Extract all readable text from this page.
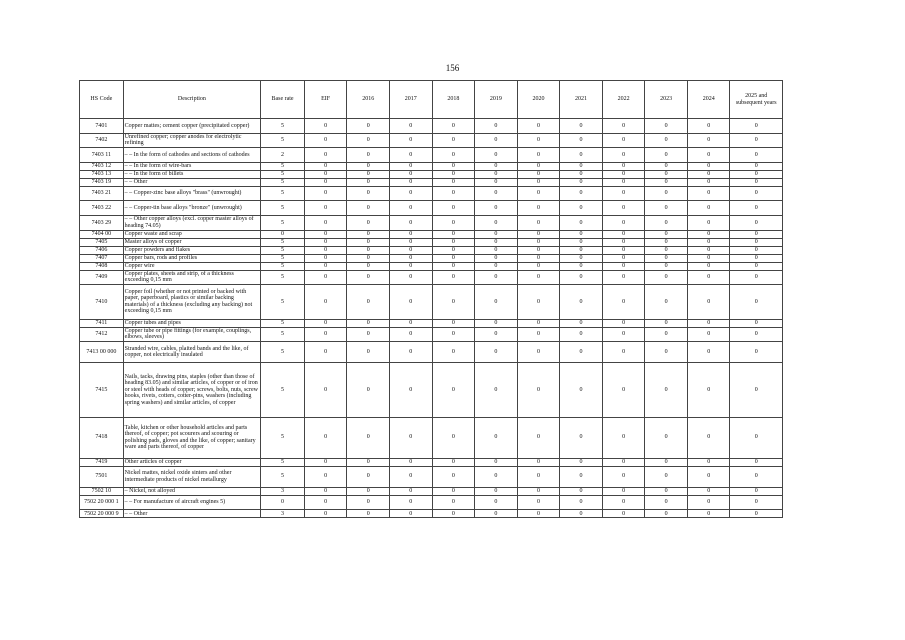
156
HS Code	Description	Base rate	EIF	2016	2017	2018	2019	2020	2021	2022	2023	2024	2025 and subsequent years
7401	Copper mattes; cement copper (precipitated copper)	5	0	0	0	0	0	0	0	0	0	0	0
7402	Unrefined copper; copper anodes for electrolytic refining	5	0	0	0	0	0	0	0	0	0	0	0
7403 11	– – In the form of cathodes and sections of cathodes	2	0	0	0	0	0	0	0	0	0	0	0
7403 12	– – In the form of wire-bars	5	0	0	0	0	0	0	0	0	0	0	0
7403 13	– – In the form of billets	5	0	0	0	0	0	0	0	0	0	0	0
7403 19	– – Other	5	0	0	0	0	0	0	0	0	0	0	0
7403 21	– – Copper-zinc base alloys "brass" (unwrought)	5	0	0	0	0	0	0	0	0	0	0	0
7403 22	– – Copper-tin base alloys "bronze" (unwrought)	5	0	0	0	0	0	0	0	0	0	0	0
7403 29	– – Other copper alloys (excl. copper master alloys of heading 74.05)	5	0	0	0	0	0	0	0	0	0	0	0
7404 00	Copper waste and scrap	0	0	0	0	0	0	0	0	0	0	0	0
7405	Master alloys of copper	5	0	0	0	0	0	0	0	0	0	0	0
7406	Copper powders and flakes	5	0	0	0	0	0	0	0	0	0	0	0
7407	Copper bars, rods and profiles	5	0	0	0	0	0	0	0	0	0	0	0
7408	Copper wire	5	0	0	0	0	0	0	0	0	0	0	0
7409	Copper plates, sheets and strip, of a thickness exceeding 0,15 mm	5	0	0	0	0	0	0	0	0	0	0	0
7410	Copper foil (whether or not printed or backed with paper, paperboard, plastics or similar backing materials) of a thickness (excluding any backing) not exceeding 0,15 mm	5	0	0	0	0	0	0	0	0	0	0	0
7411	Copper tubes and pipes	5	0	0	0	0	0	0	0	0	0	0	0
7412	Copper tube or pipe fittings (for example, couplings, elbows, sleeves)	5	0	0	0	0	0	0	0	0	0	0	0
7413 00 000	Stranded wire, cables, plaited bands and the like, of copper, not electrically insulated	5	0	0	0	0	0	0	0	0	0	0	0
7415	Nails, tacks, drawing pins, staples (other than those of heading 83.05) and similar articles, of copper or of iron or steel with heads of copper; screws, bolts, nuts, screw hooks, rivets, cotters, cotter-pins, washers (including spring washers) and similar articles, of copper	5	0	0	0	0	0	0	0	0	0	0	0
7418	Table, kitchen or other household articles and parts thereof, of copper; pot scourers and scouring or polishing pads, gloves and the like, of copper; sanitary ware and parts thereof, of copper	5	0	0	0	0	0	0	0	0	0	0	0
7419	Other articles of copper	5	0	0	0	0	0	0	0	0	0	0	0
7501	Nickel mattes, nickel oxide sinters and other intermediate products of nickel metallurgy	5	0	0	0	0	0	0	0	0	0	0	0
7502 10	– Nickel, not alloyed	3	0	0	0	0	0	0	0	0	0	0	0
7502 20 000 1	– – For manufacture of aircraft engines 5)	0	0	0	0	0	0	0	0	0	0	0	0
7502 20 000 9	– – Other	3	0	0	0	0	0	0	0	0	0	0	0
